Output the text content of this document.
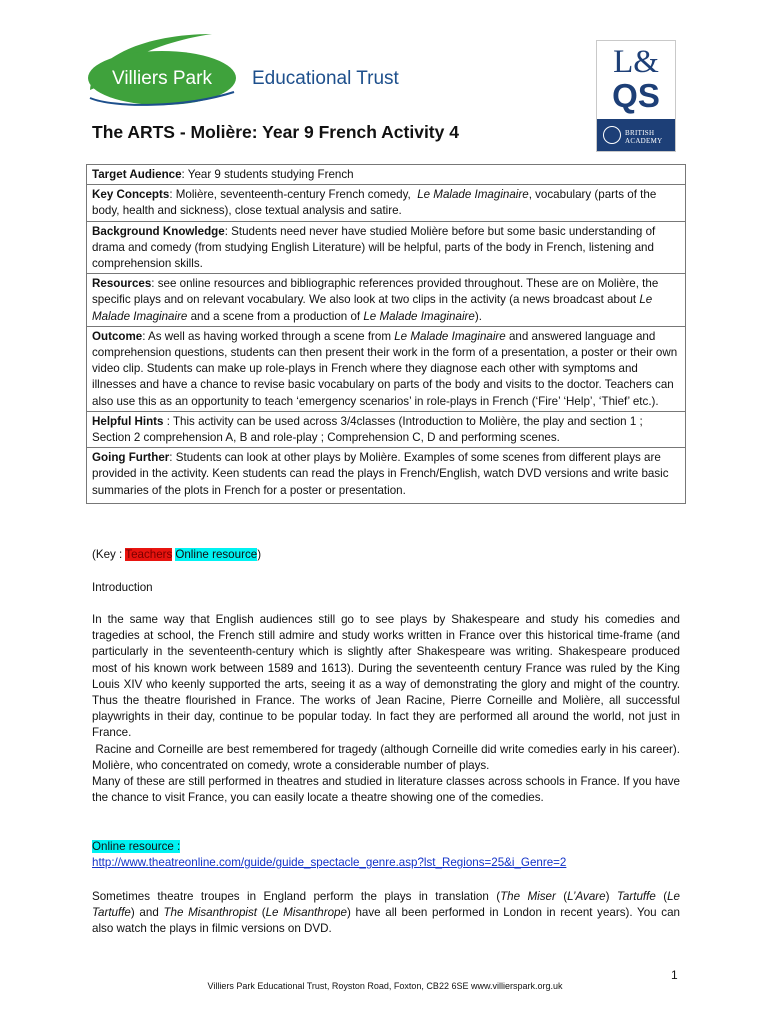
Villiers Park Educational Trust	L&
QS
BRITISH
ACADEMY
The ARTS - Molière: Year 9 French Activity 4
Target Audience: Year 9 students studying French
Key Concepts: Molière, seventeenth-century French comedy,  Le Malade Imaginaire, vocabulary (parts of the body, health and sickness), close textual analysis and satire.
Background Knowledge: Students need never have studied Molière before but some basic understanding of drama and comedy (from studying English Literature) will be helpful, parts of the body in French, listening and comprehension skills.
Resources: see online resources and bibliographic references provided throughout. These are on Molière, the specific plays and on relevant vocabulary. We also look at two clips in the activity (a news broadcast about Le Malade Imaginaire and a scene from a production of Le Malade Imaginaire).
Outcome: As well as having worked through a scene from Le Malade Imaginaire and answered language and comprehension questions, students can then present their work in the form of a presentation, a poster or their own video clip. Students can make up role-plays in French where they diagnose each other with symptoms and illnesses and have a chance to revise basic vocabulary on parts of the body and visits to the doctor. Teachers can also use this as an opportunity to teach ‘emergency scenarios’ in role-plays in French (‘Fire’ ‘Help’, ‘Thief’ etc.).
Helpful Hints : This activity can be used across 3/4classes (Introduction to Molière, the play and section 1 ; Section 2 comprehension A, B and role-play ; Comprehension C, D and performing scenes.
Going Further: Students can look at other plays by Molière. Examples of some scenes from different plays are provided in the activity. Keen students can read the plays in French/English, watch DVD versions and write basic summaries of the plots in French for a poster or presentation.
(Key : Teachers Online resource)
Introduction
In the same way that English audiences still go to see plays by Shakespeare and study his comedies and tragedies at school, the French still admire and study works written in France over this historical time-frame (and particularly in the seventeenth-century which is slightly after Shakespeare was writing. Shakespeare produced most of his known work between 1589 and 1613). During the seventeenth century France was ruled by the King Louis XIV who keenly supported the arts, seeing it as a way of demonstrating the glory and might of the country. Thus the theatre flourished in France. The works of Jean Racine, Pierre Corneille and Molière, all successful playwrights in their day, continue to be popular today. In fact they are performed all around the world, not just in France.
Racine and Corneille are best remembered for tragedy (although Corneille did write comedies early in his career). Molière, who concentrated on comedy, wrote a considerable number of plays.
Many of these are still performed in theatres and studied in literature classes across schools in France. If you have the chance to visit France, you can easily locate a theatre showing one of the comedies.
Online resource :
http://www.theatreonline.com/guide/guide_spectacle_genre.asp?lst_Regions=25&i_Genre=2
Sometimes theatre troupes in England perform the plays in translation (The Miser (L’Avare) Tartuffe (Le Tartuffe) and The Misanthropist (Le Misanthrope) have all been performed in London in recent years). You can also watch the plays in filmic versions on DVD.
1
Villiers Park Educational Trust, Royston Road, Foxton, CB22 6SE www.villierspark.org.uk
